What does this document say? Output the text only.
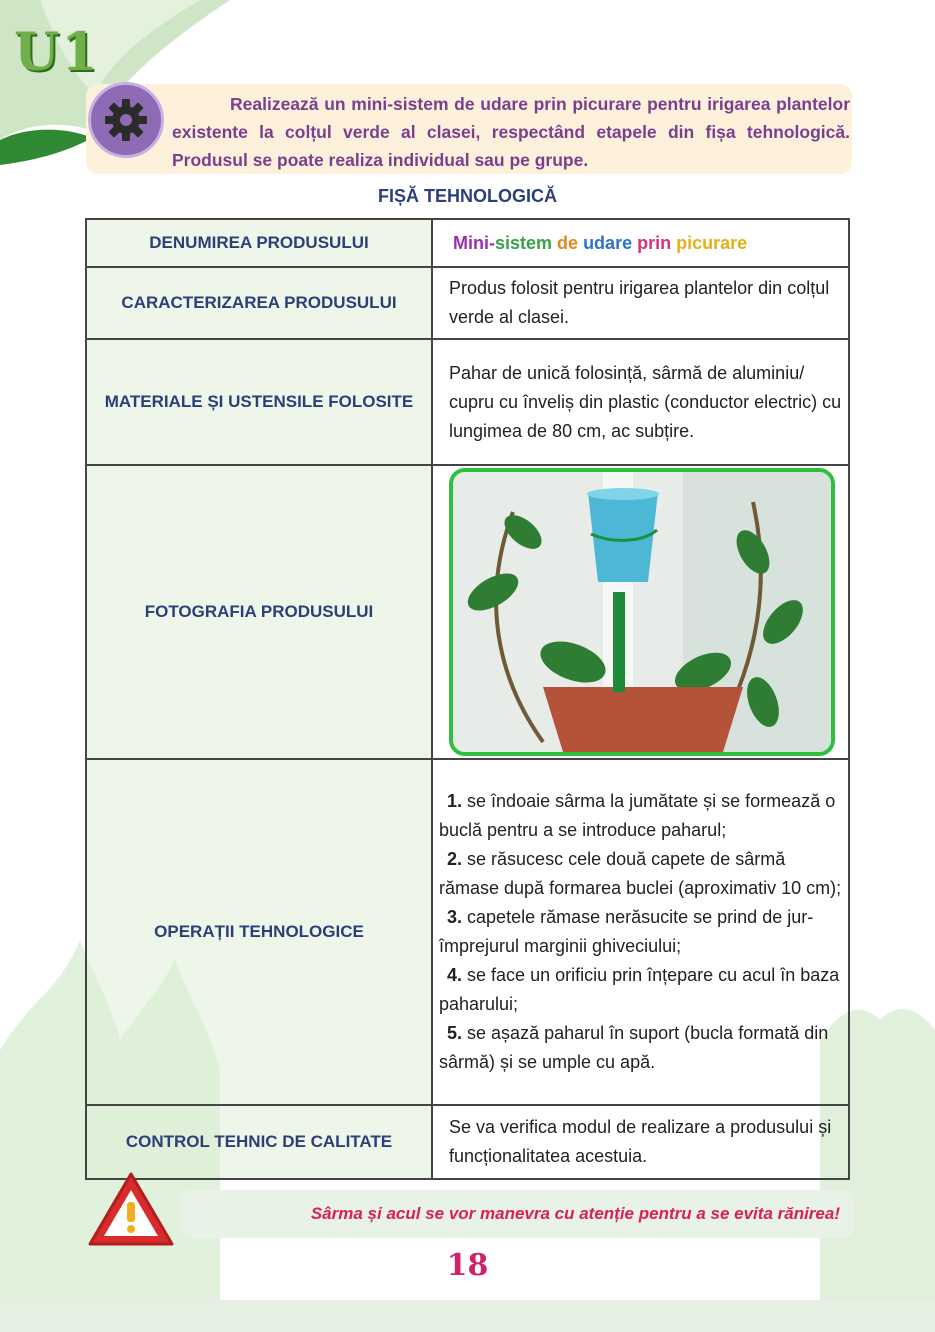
U1
Realizează un mini-sistem de udare prin picurare pentru irigarea plantelor existente la colțul verde al clasei, respectând etapele din fișa tehnologică. Produsul se poate realiza individual sau pe grupe.
FIȘĂ TEHNOLOGICĂ
DENUMIREA PRODUSULUI	Mini-sistem de udare prin picurare
CARACTERIZAREA PRODUSULUI	Produs folosit pentru irigarea plantelor din colțul verde al clasei.

MATERIALE ȘI USTENSILE FOLOSITE	Pahar de unică folosință, sârmă de aluminiu/ cupru cu înveliș din plastic (conductor electric) cu lungimea de 80 cm, ac subțire.

FOTOGRAFIA PRODUSULUI	

OPERAȚII TEHNOLOGICE	1. se îndoaie sârma la jumătate și se formează o buclă pentru a se introduce paharul;
2. se răsucesc cele două capete de sârmă rămase după formarea buclei (aproximativ 10 cm);
3. capetele rămase nerăsucite se prind de jur-împrejurul marginii ghiveciului;
4. se face un orificiu prin înțepare cu acul în baza paharului;
5. se așază paharul în suport (bucla formată din sârmă) și se umple cu apă.

CONTROL TEHNIC DE CALITATE	Se va verifica modul de realizare a produsului și funcționalitatea acestuia.
Sârma și acul se vor manevra cu atenție pentru a se evita rănirea!
18
